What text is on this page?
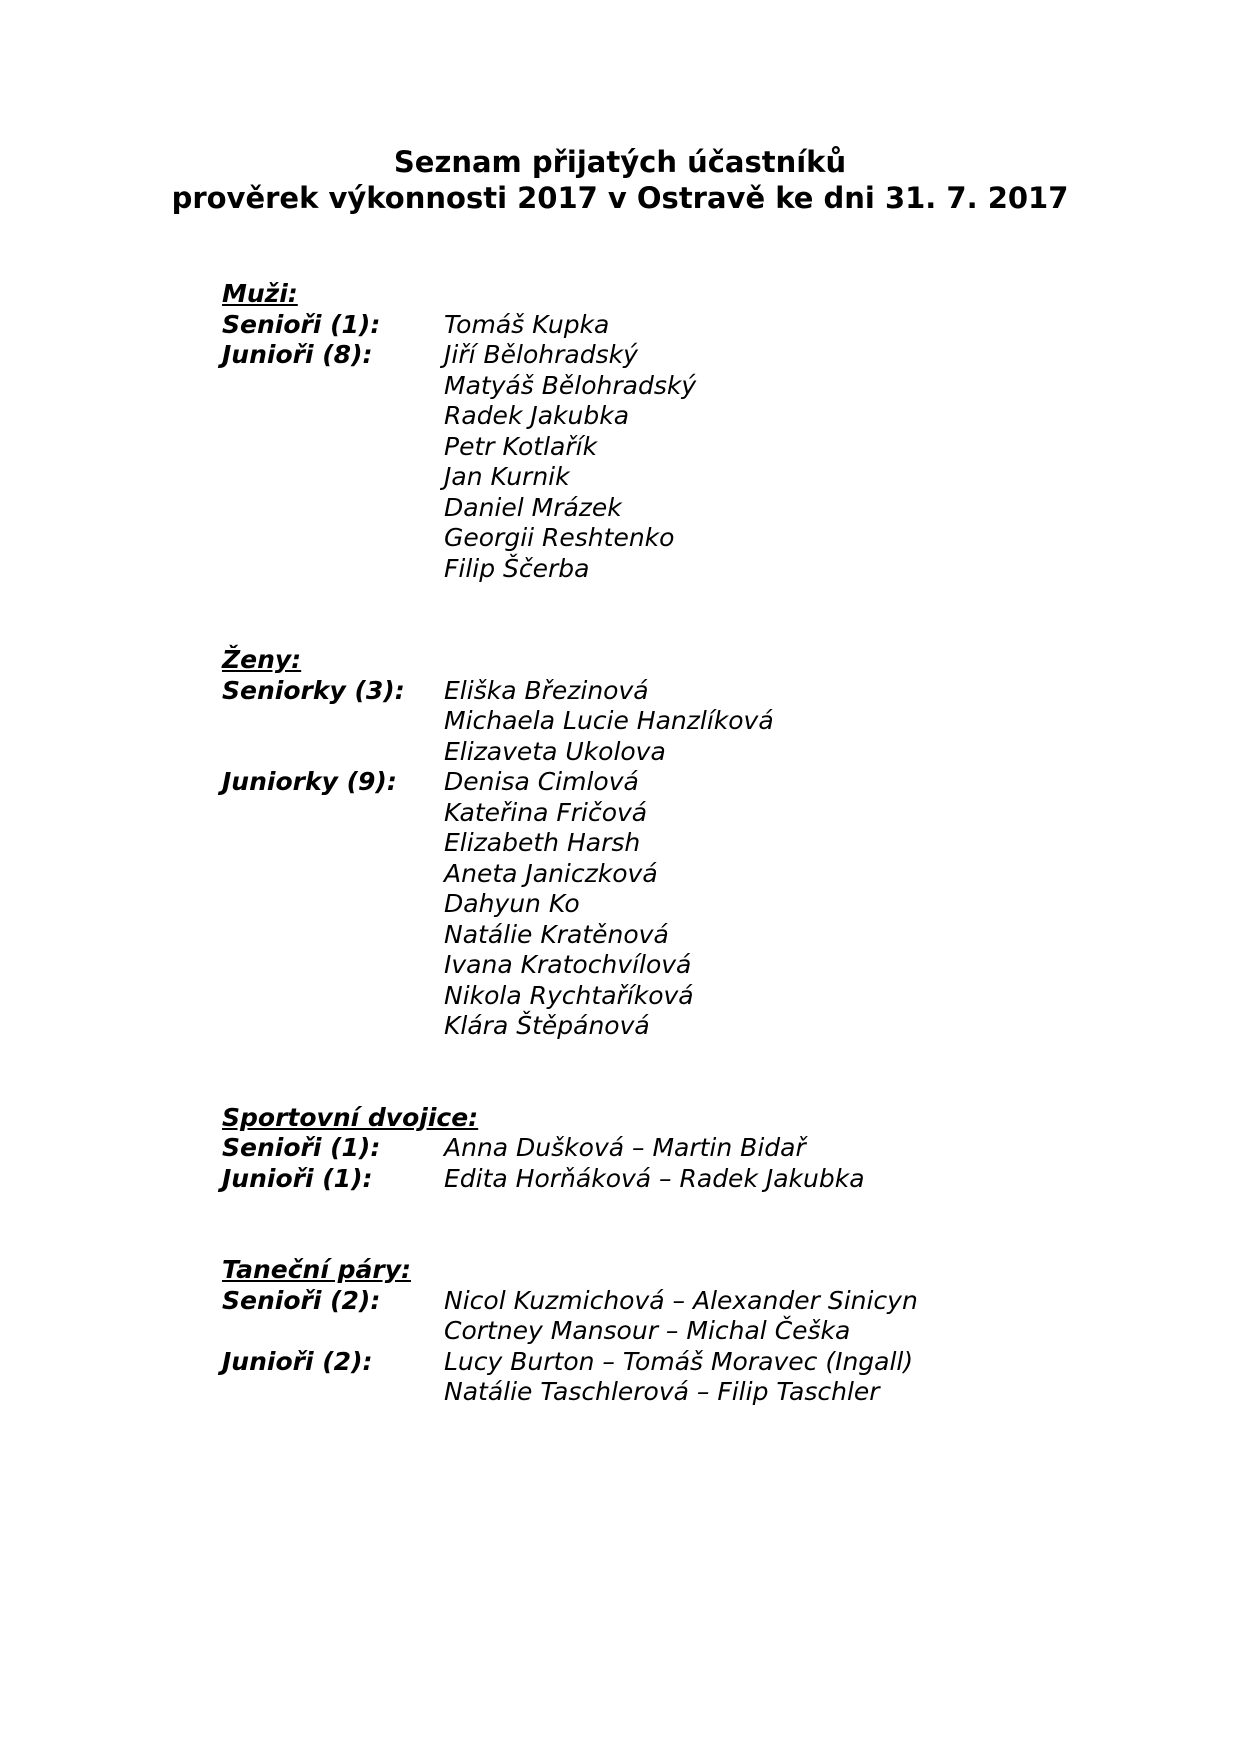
Seznam přijatých účastníků
prověrek výkonnosti 2017 v Ostravě ke dni 31. 7. 2017
Muži:
Senioři (1):	Tomáš Kupka
Junioři (8):	Jiří Bělohradský
Matyáš Bělohradský
Radek Jakubka
Petr Kotlařík
Jan Kurnik
Daniel Mrázek
Georgii Reshtenko
Filip Ščerba
Ženy:
Seniorky (3):	Eliška Březinová
Michaela Lucie Hanzlíková
Elizaveta Ukolova
Juniorky (9):	Denisa Cimlová
Kateřina Fričová
Elizabeth Harsh
Aneta Janiczková
Dahyun Ko
Natálie Kratěnová
Ivana Kratochvílová
Nikola Rychtaříková
Klára Štěpánová
Sportovní dvojice:
Senioři (1):	Anna Dušková – Martin Bidař
Junioři (1):	Edita Horňáková – Radek Jakubka
Taneční páry:
Senioři (2):	Nicol Kuzmichová – Alexander Sinicyn
Cortney Mansour – Michal Češka
Junioři (2):	Lucy Burton – Tomáš Moravec (Ingall)
Natálie Taschlerová – Filip Taschler
